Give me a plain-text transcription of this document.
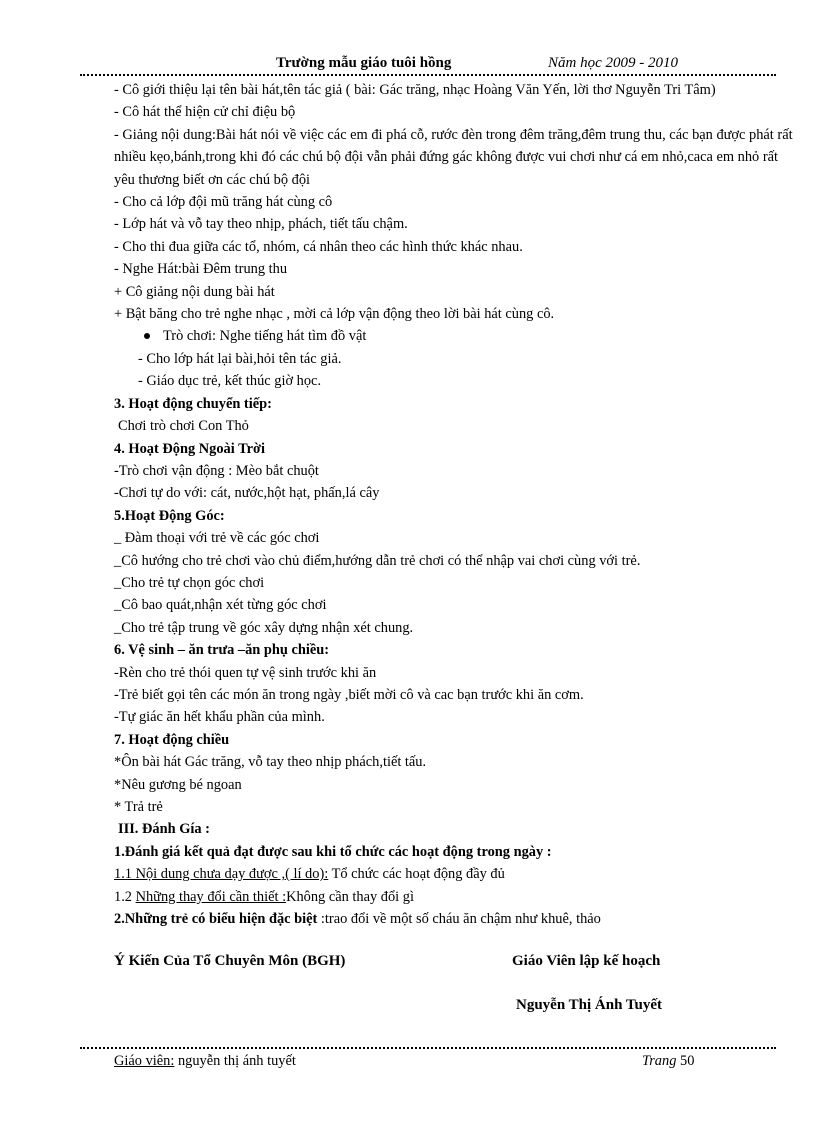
Trường mẫu giáo tuôi hồng	Năm học 2009 - 2010

- Cô giới thiệu lại tên bài hát,tên tác giả ( bài: Gác trăng, nhạc Hoàng Văn Yến, lời thơ Nguyễn Tri Tâm)

- Cô hát thể hiện cử chỉ điệu bộ

- Giảng nội dung:Bài hát nói về việc các em đi phá cỗ, rước đèn trong đêm trăng,đêm trung thu, các bạn được phát rất nhiều kẹo,bánh,trong khi đó các chú bộ đội vẫn phải đứng gác không được vui chơi như cá em nhỏ,caca em nhỏ rất yêu thương biết ơn các chú bộ đội

- Cho cả lớp đội mũ trăng hát cùng cô

- Lớp hát và vỗ tay theo nhịp, phách, tiết tấu chậm.

- Cho thi đua giữa các tổ, nhóm, cá nhân theo các hình thức khác nhau.

- Nghe Hát:bài Đêm trung thu

+ Cô giảng nội dung bài hát

+ Bật băng cho trẻ nghe nhạc , mời cả lớp vận động theo lời bài hát cùng cô.

Trò chơi: Nghe tiếng hát tìm đồ vật

- Cho lớp hát lại bài,hỏi tên tác giả.

- Giáo dục trẻ, kết thúc giờ học.

3. Hoạt động chuyển tiếp:

Chơi trò chơi Con Thỏ

4. Hoạt Động Ngoài Trời

-Trò chơi vận động : Mèo bắt chuột

-Chơi tự do với: cát, nước,hột hạt, phấn,lá cây

5.Hoạt Động Góc:

_ Đàm thoại với trẻ về các góc chơi

_Cô hướng cho trẻ chơi vào chủ điểm,hướng dẫn trẻ chơi có thể nhập vai chơi cùng với trẻ.

_Cho trẻ tự chọn góc chơi

_Cô bao quát,nhận xét từng góc chơi

_Cho trẻ tập trung về góc xây dựng nhận xét chung.

6. Vệ sinh – ăn trưa –ăn phụ chiều:

-Rèn cho trẻ thói quen tự vệ sinh trước khi ăn

-Trẻ biết gọi tên các món ăn trong ngày ,biết mời cô và cac bạn trước khi ăn cơm.

-Tự giác ăn hết khẩu phần của mình.

7. Hoạt động chiều

*Ôn bài hát Gác trăng, vỗ tay theo nhịp phách,tiết tấu.

*Nêu gương bé ngoan

* Trả trẻ

III. Đánh Gía :

1.Đánh giá kết quả đạt được sau khi tổ chức các hoạt động trong ngày :

1.1 Nội dung chưa dạy được ,( lí do): Tổ chức các hoạt động đầy đủ

1.2 Những thay đổi cần thiết :Không cần thay đổi gì

2.Những trẻ có biểu hiện đặc biệt :trao đổi về một số cháu ăn chậm như khuê, thảo

Ý Kiến Của Tổ Chuyên Môn (BGH)	Giáo Viên lập kế hoạch
Nguyễn Thị Ánh Tuyết
Giáo viên: nguyễn thị ánh tuyết	Trang 50
